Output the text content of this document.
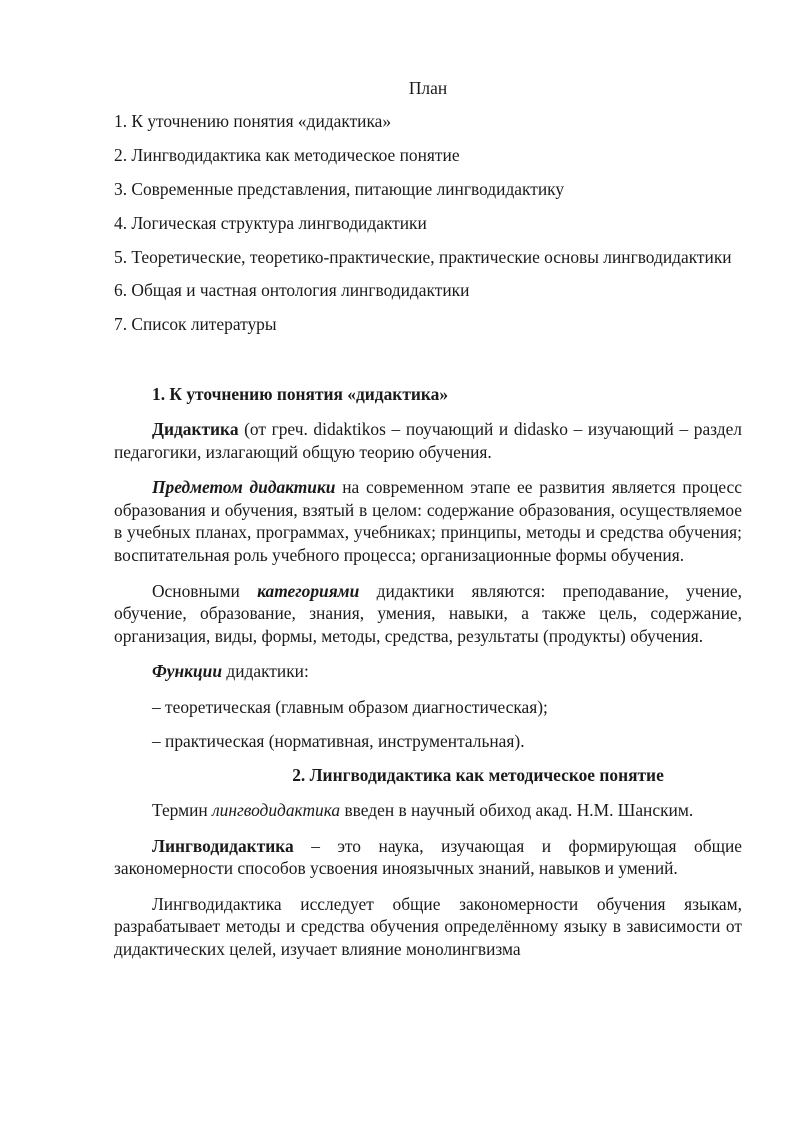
План
1. К уточнению понятия «дидактика»
2. Лингводидактика как методическое понятие
3. Современные представления, питающие лингводидактику
4. Логическая структура лингводидактики
5. Теоретические, теоретико-практические, практические основы лингводидактики
6. Общая и частная онтология лингводидактики
7. Список литературы
1. К уточнению понятия «дидактика»

Дидактика (от греч. didaktikos – поучающий и didasko – изучающий – раздел педагогики, излагающий общую теорию обучения.

Предметом дидактики на современном этапе ее развития является процесс образования и обучения, взятый в целом: содержание образования, осуществляемое в учебных планах, программах, учебниках; принципы, методы и средства обучения; воспитательная роль учебного процесса; организационные формы обучения.

Основными категориями дидактики являются: преподавание, учение, обучение, образование, знания, умения, навыки, а также цель, содержание, организация, виды, формы, методы, средства, результаты (продукты) обучения.

Функции дидактики:

– теоретическая (главным образом диагностическая);
– практическая (нормативная, инструментальная).
2. Лингводидактика как методическое понятие

Термин лингводидактика введен в научный обиход акад. Н.М. Шанским.

Лингводидактика – это наука, изучающая и формирующая общие закономерности способов усвоения иноязычных знаний, навыков и умений.

Лингводидактика исследует общие закономерности обучения языкам, разрабатывает методы и средства обучения определённому языку в зависимости от дидактических целей, изучает влияние монолингвизма
